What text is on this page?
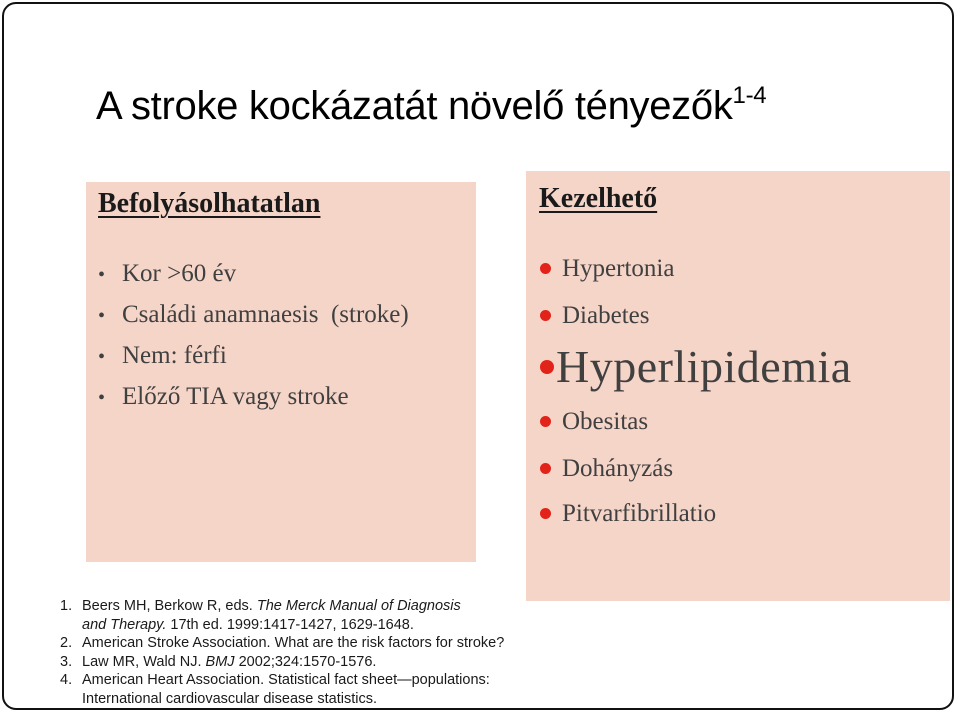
A stroke kockázatát növelő tényezők$^{1-4}$
Befolyásolhatatlan
• Kor >60 év
• Családi anamnaesis  (stroke)
• Nem: férfi
• Előző TIA vagy stroke
Kezelhető
Hypertonia
Diabetes
Hyperlipidemia
Obesitas
Dohányzás
Pitvarfibrillatio
1. Beers MH, Berkow R, eds. The Merck Manual of Diagnosis
and Therapy. 17th ed. 1999:1417-1427, 1629-1648.
2. American Stroke Association. What are the risk factors for stroke?
3. Law MR, Wald NJ. BMJ 2002;324:1570-1576.
4. American Heart Association. Statistical fact sheet—populations:
International cardiovascular disease statistics.
